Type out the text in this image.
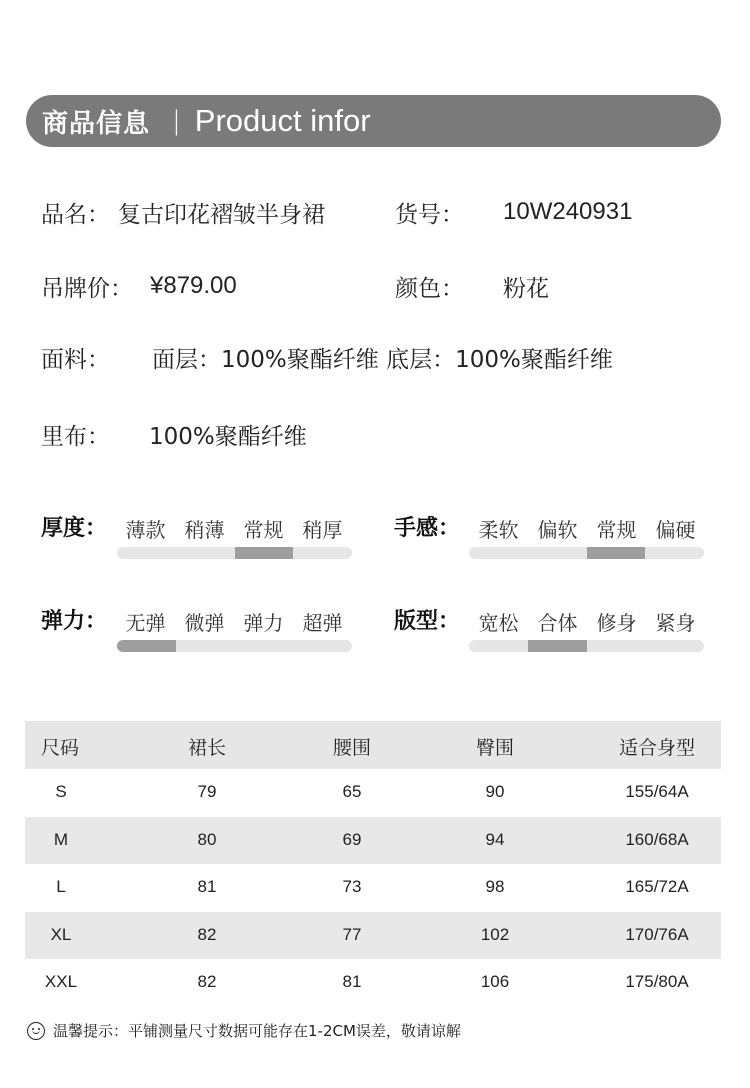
商品信息 | Product infor
品名： 复古印花褶皱半身裙	货号： 10W240931
吊牌价： ¥879.00	颜色： 粉花
面料： 面层：100%聚酯纤维 底层：100%聚酯纤维
里布： 100%聚酯纤维
厚度： 薄款 稍薄 常规 稍厚	手感： 柔软 偏软 常规 偏硬
弹力： 无弹 微弹 弹力 超弹	版型： 宽松 合体 修身 紧身
尺码	裙长	腰围	臀围	适合身型
S	79	65	90	155/64A
M	80	69	94	160/68A
L	81	73	98	165/72A
XL	82	77	102	170/76A
XXL	82	81	106	175/80A
温馨提示：平铺测量尺寸数据可能存在1-2CM误差，敬请谅解
